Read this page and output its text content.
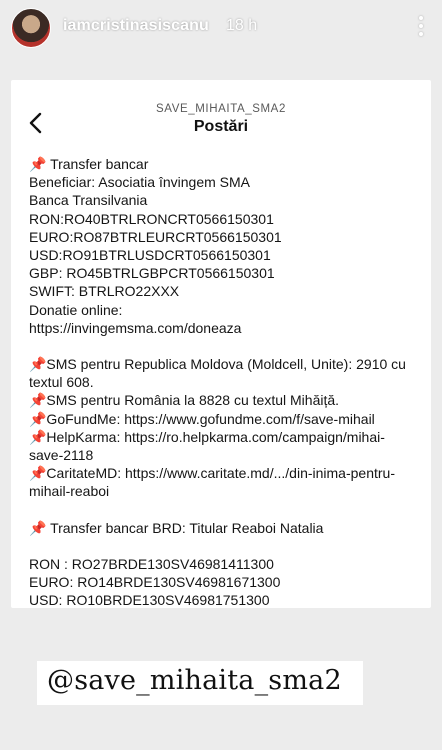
iamcristinasiscanu 18 h
SAVE_MIHAITA_SMA2
Postări
📌 Transfer bancar
Beneficiar: Asociatia învingem SMA
Banca Transilvania
RON:RO40BTRLRONCRT0566150301
EURO:RO87BTRLEURCRT0566150301
USD:RO91BTRLUSDCRT0566150301
GBP: RO45BTRLGBPCRT0566150301
SWIFT: BTRLRO22XXX
Donatie online:
https://invingemsma.com/doneaza
📌SMS pentru Republica Moldova (Moldcell, Unite): 2910 cu
textul 608.
📌SMS pentru România la 8828 cu textul Mihăiță.
📌GoFundMe: https://www.gofundme.com/f/save-mihail
📌HelpKarma: https://ro.helpkarma.com/campaign/mihai-
save-2118
📌CaritateMD: https://www.caritate.md/.../din-inima-pentru-
mihail-reaboi
📌 Transfer bancar BRD: Titular Reaboi Natalia
RON : RO27BRDE130SV46981411300
EURO: RO14BRDE130SV46981671300
USD: RO10BRDE130SV46981751300
@save_mihaita_sma2
